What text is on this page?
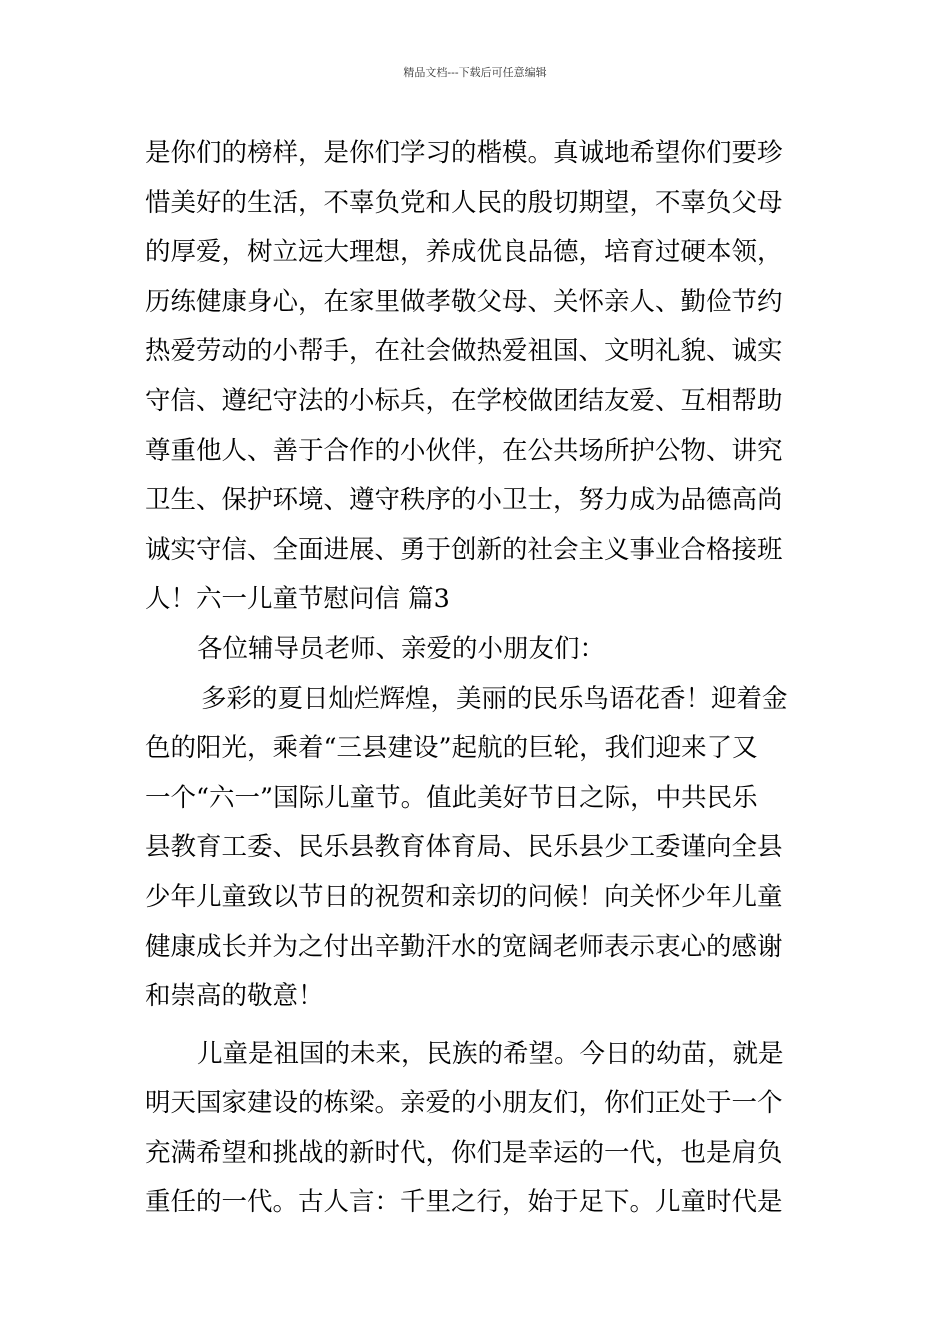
精品文档---下载后可任意编辑
是你们的榜样，是你们学习的楷模。真诚地希望你们要珍
惜美好的生活，不辜负党和人民的殷切期望，不辜负父母
的厚爱，树立远大理想，养成优良品德，培育过硬本领，
历练健康身心，在家里做孝敬父母、关怀亲人、勤俭节约
热爱劳动的小帮手，在社会做热爱祖国、文明礼貌、诚实
守信、遵纪守法的小标兵，在学校做团结友爱、互相帮助
尊重他人、善于合作的小伙伴，在公共场所护公物、讲究
卫生、保护环境、遵守秩序的小卫士，努力成为品德高尚
诚实守信、全面进展、勇于创新的社会主义事业合格接班
人！六一儿童节慰问信 篇3
各位辅导员老师、亲爱的小朋友们：
多彩的夏日灿烂辉煌，美丽的民乐鸟语花香！迎着金
色的阳光，乘着“三县建设”起航的巨轮，我们迎来了又
一个“六一”国际儿童节。值此美好节日之际，中共民乐
县教育工委、民乐县教育体育局、民乐县少工委谨向全县
少年儿童致以节日的祝贺和亲切的问候！向关怀少年儿童
健康成长并为之付出辛勤汗水的宽阔老师表示衷心的感谢
和崇高的敬意！
儿童是祖国的未来，民族的希望。今日的幼苗，就是
明天国家建设的栋梁。亲爱的小朋友们，你们正处于一个
充满希望和挑战的新时代，你们是幸运的一代，也是肩负
重任的一代。古人言：千里之行，始于足下。儿童时代是
